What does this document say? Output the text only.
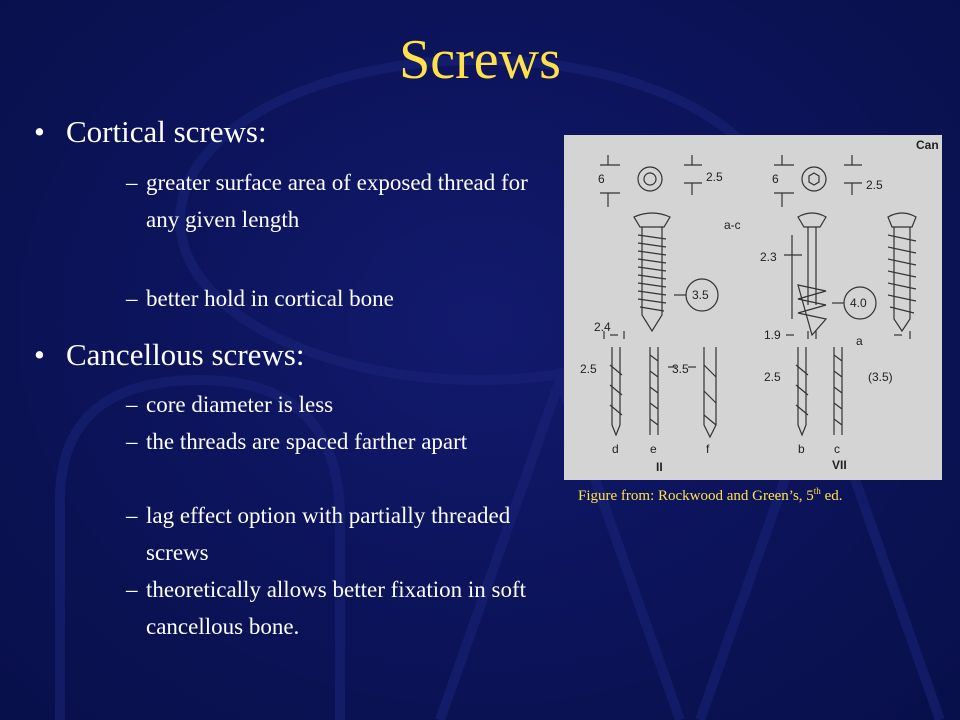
Screws
• Cortical screws:
– greater surface area of exposed thread for any given length
– better hold in cortical bone
• Cancellous screws:
– core diameter is less
– the threads are spaced farther apart
– lag effect option with partially threaded screws
– theoretically allows better fixation in soft cancellous bone.
6	2.5	6	2.5
a-c
2.3
3.5
4.0
2.4
1.9	a
2.5	3.5
2.5	(3.5)
d	e	f	b c
II	VII
Can
Figure from: Rockwood and Green’s, 5th ed.
